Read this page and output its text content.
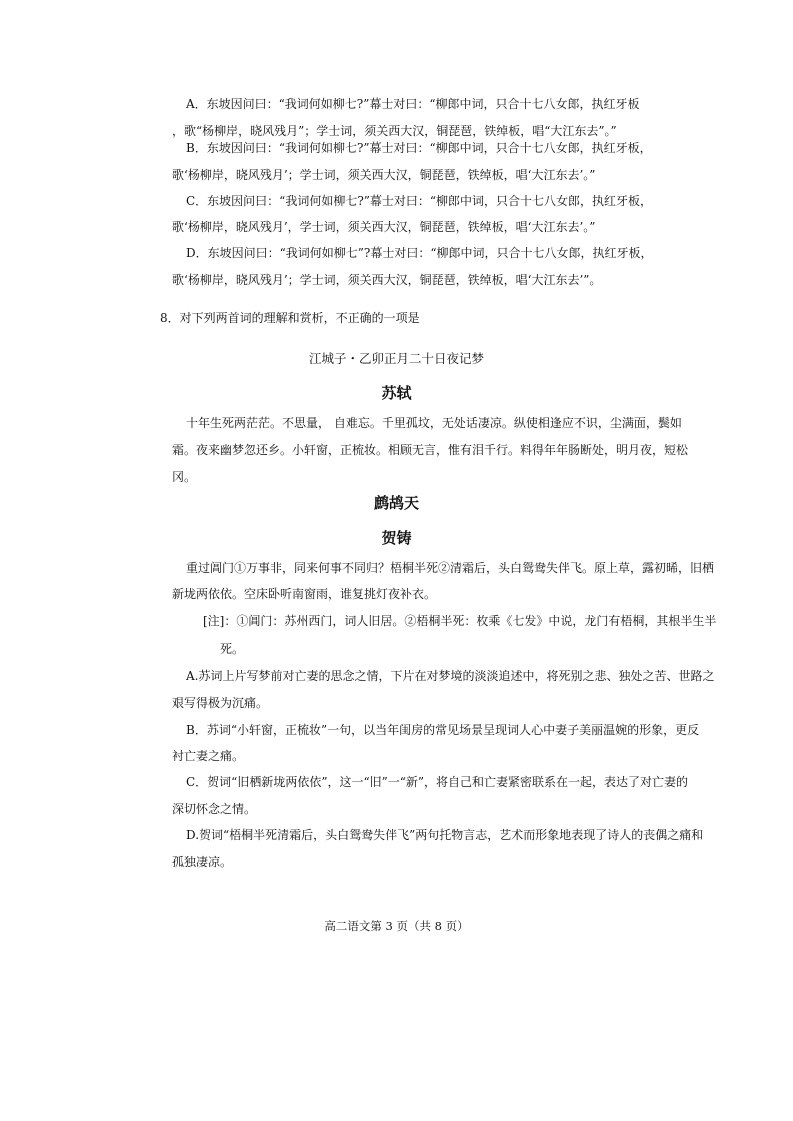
A．东坡因问曰：“我词何如柳七?”幕士对曰：“柳郎中词，只合十七八女郎，执红牙板
，歌“杨柳岸，晓风残月”；学士词，须关西大汉，铜琵琶，铁绰板，唱“大江东去”。”
B．东坡因问曰：“我词何如柳七?”幕士对曰：“柳郎中词，只合十七八女郎，执红牙板，
歌‘杨柳岸，晓风残月’；学士词，须关西大汉，铜琵琶，铁绰板，唱‘大江东去’。”
C．东坡因问曰：“我词何如柳七?”幕士对曰：“柳郎中词，只合十七八女郎，执红牙板，
歌‘杨柳岸，晓风残月’，学士词，须关西大汉，铜琵琶，铁绰板，唱‘大江东去’。”
D．东坡因问曰：“我词何如柳七”?幕士对曰：“柳郎中词，只合十七八女郎，执红牙板，
歌‘杨柳岸，晓风残月’；学士词，须关西大汉，铜琵琶，铁绰板，唱‘大江东去’”。
8．对下列两首词的理解和赏析，不正确的一项是
江城子・乙卯正月二十日夜记梦
苏轼
十年生死两茫茫。不思量， 自难忘。千里孤坟，无处话凄凉。纵使相逢应不识，尘满面，鬓如
霜。夜来幽梦忽还乡。小轩窗，正梳妆。相顾无言，惟有泪千行。料得年年肠断处，明月夜，短松
冈。
鹧鸪天
贺铸
重过阊门①万事非，同来何事不同归？梧桐半死②清霜后，头白鸳鸯失伴飞。原上草，露初晞，旧栖
新垅两依依。空床卧听南窗雨，谁复挑灯夜补衣。
[注]：①阊门：苏州西门，词人旧居。②梧桐半死：枚乘《七发》中说，龙门有梧桐，其根半生半
死。
A.苏词上片写梦前对亡妻的思念之情，下片在对梦境的淡淡追述中，将死别之悲、独处之苦、世路之
艰写得极为沉痛。
B．苏词“小轩窗，正梳妆”一句，以当年闺房的常见场景呈现词人心中妻子美丽温婉的形象，更反
衬亡妻之痛。
C．贺词“旧栖新垅两依依”，这一“旧”一“新”，将自己和亡妻紧密联系在一起，表达了对亡妻的
深切怀念之情。
D.贺词“梧桐半死清霜后，头白鸳鸯失伴飞”两句托物言志，艺术而形象地表现了诗人的丧偶之痛和
孤独凄凉。
高二语文第 3 页（共 8 页）
